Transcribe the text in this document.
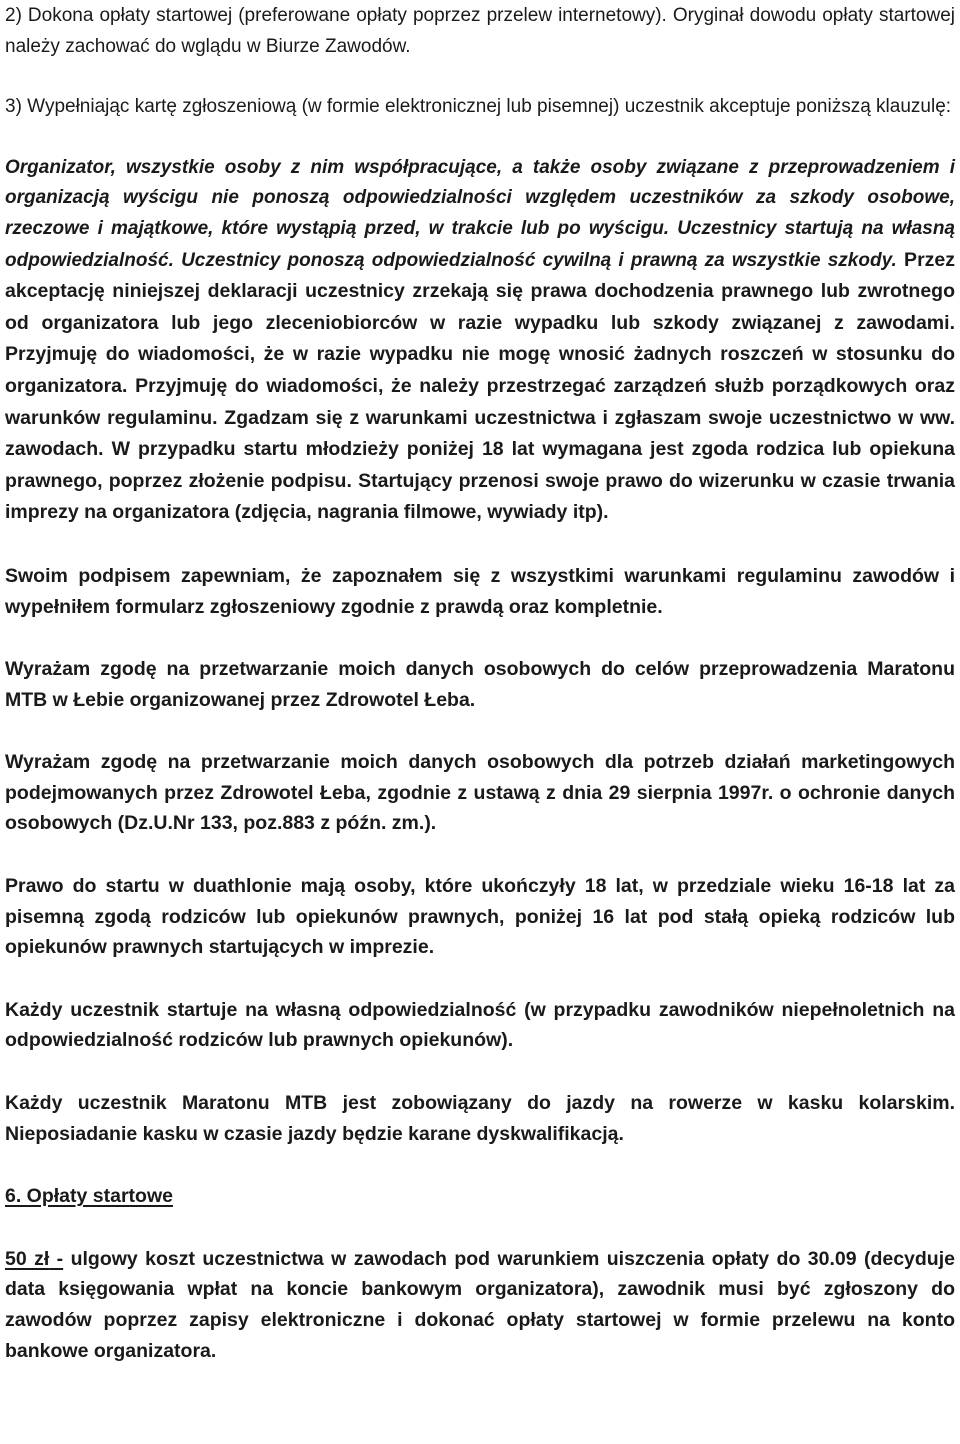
2) Dokona opłaty startowej (preferowane opłaty poprzez przelew internetowy). Oryginał dowodu opłaty startowej należy zachować do wglądu w Biurze Zawodów.

3) Wypełniając kartę zgłoszeniową (w formie elektronicznej lub pisemnej) uczestnik akceptuje poniższą klauzulę:

Organizator, wszystkie osoby z nim współpracujące, a także osoby związane z przeprowadzeniem i organizacją wyścigu nie ponoszą odpowiedzialności względem uczestników za szkody osobowe, rzeczowe i majątkowe, które wystąpią przed, w trakcie lub po wyścigu. Uczestnicy startują na własną odpowiedzialność. Uczestnicy ponoszą odpowiedzialność cywilną i prawną za wszystkie szkody. Przez akceptację niniejszej deklaracji uczestnicy zrzekają się prawa dochodzenia prawnego lub zwrotnego od organizatora lub jego zleceniobiorców w razie wypadku lub szkody związanej z zawodami. Przyjmuję do wiadomości, że w razie wypadku nie mogę wnosić żadnych roszczeń w stosunku do organizatora. Przyjmuję do wiadomości, że należy przestrzegać zarządzeń służb porządkowych oraz warunków regulaminu. Zgadzam się z warunkami uczestnictwa i zgłaszam swoje uczestnictwo w ww. zawodach. W przypadku startu młodzieży poniżej 18 lat wymagana jest zgoda rodzica lub opiekuna prawnego, poprzez złożenie podpisu. Startujący przenosi swoje prawo do wizerunku w czasie trwania imprezy na organizatora (zdjęcia, nagrania filmowe, wywiady itp).

Swoim podpisem zapewniam, że zapoznałem się z wszystkimi warunkami regulaminu zawodów i wypełniłem formularz zgłoszeniowy zgodnie z prawdą oraz kompletnie.

Wyrażam zgodę na przetwarzanie moich danych osobowych do celów przeprowadzenia Maratonu MTB w Łebie organizowanej przez Zdrowotel Łeba.

Wyrażam zgodę na przetwarzanie moich danych osobowych dla potrzeb działań marketingowych podejmowanych przez Zdrowotel Łeba, zgodnie z ustawą z dnia 29 sierpnia 1997r. o ochronie danych osobowych (Dz.U.Nr 133, poz.883 z późn. zm.).

Prawo do startu w duathlonie mają osoby, które ukończyły 18 lat, w przedziale wieku 16-18 lat za pisemną zgodą rodziców lub opiekunów prawnych, poniżej 16 lat pod stałą opieką rodziców lub opiekunów prawnych startujących w imprezie.

Każdy uczestnik startuje na własną odpowiedzialność (w przypadku zawodników niepełnoletnich na odpowiedzialność rodziców lub prawnych opiekunów).

Każdy uczestnik Maratonu MTB jest zobowiązany do jazdy na rowerze w kasku kolarskim. Nieposiadanie kasku w czasie jazdy będzie karane dyskwalifikacją.

6. Opłaty startowe

50 zł - ulgowy koszt uczestnictwa w zawodach pod warunkiem uiszczenia opłaty do 30.09 (decyduje data księgowania wpłat na koncie bankowym organizatora), zawodnik musi być zgłoszony do zawodów poprzez zapisy elektroniczne i dokonać opłaty startowej w formie przelewu na konto bankowe organizatora.
